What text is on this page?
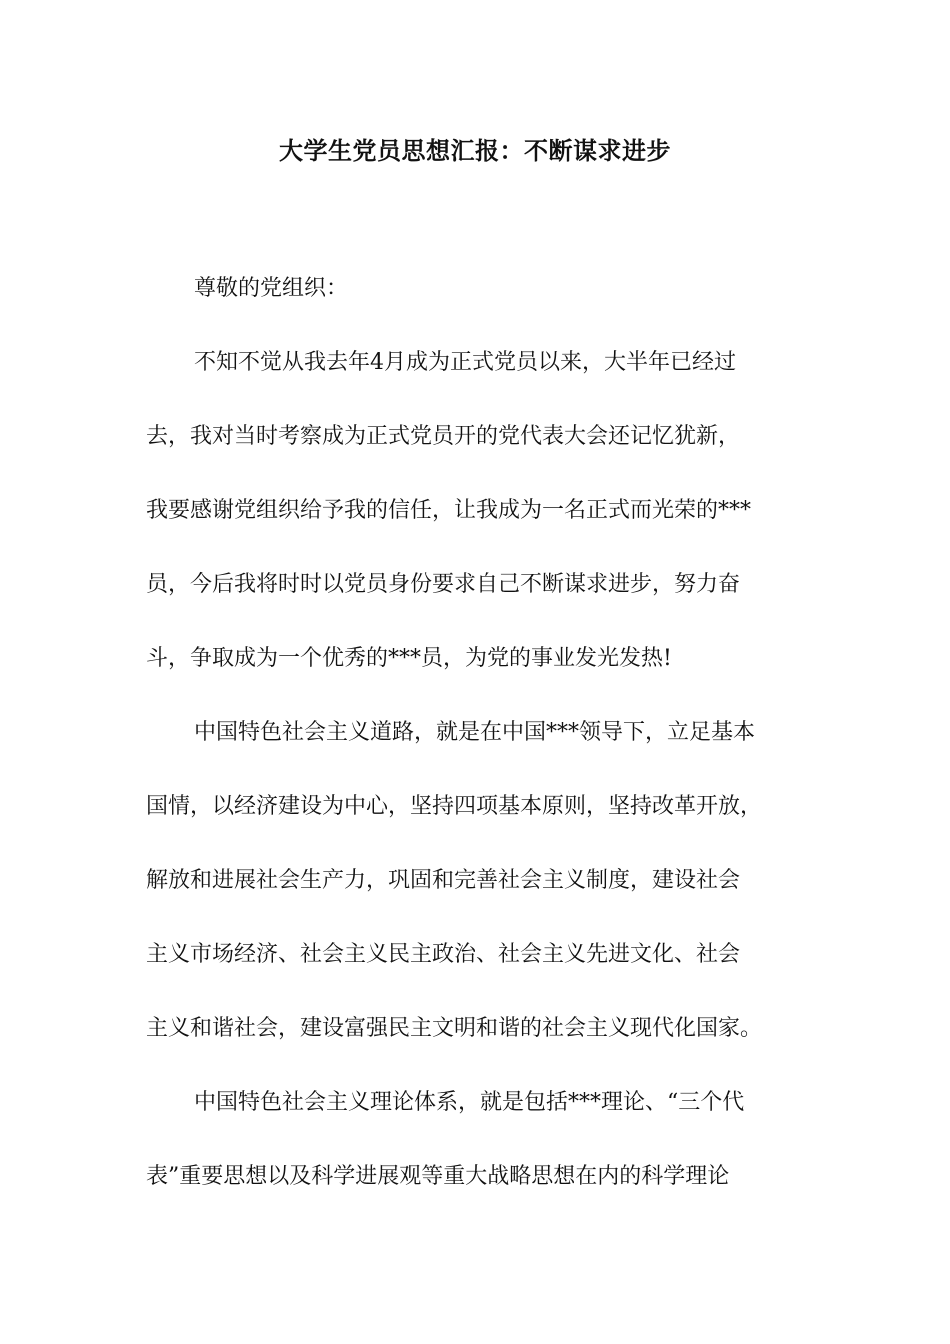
大学生党员思想汇报：不断谋求进步
尊敬的党组织：
不知不觉从我去年4月成为正式党员以来，大半年已经过
去，我对当时考察成为正式党员开的党代表大会还记忆犹新，
我要感谢党组织给予我的信任，让我成为一名正式而光荣的***
员，今后我将时时以党员身份要求自己不断谋求进步，努力奋
斗，争取成为一个优秀的***员，为党的事业发光发热!
中国特色社会主义道路，就是在中国***领导下，立足基本
国情，以经济建设为中心，坚持四项基本原则，坚持改革开放，
解放和进展社会生产力，巩固和完善社会主义制度，建设社会
主义市场经济、社会主义民主政治、社会主义先进文化、社会
主义和谐社会，建设富强民主文明和谐的社会主义现代化国家。
中国特色社会主义理论体系，就是包括***理论、“三个代
表”重要思想以及科学进展观等重大战略思想在内的科学理论
